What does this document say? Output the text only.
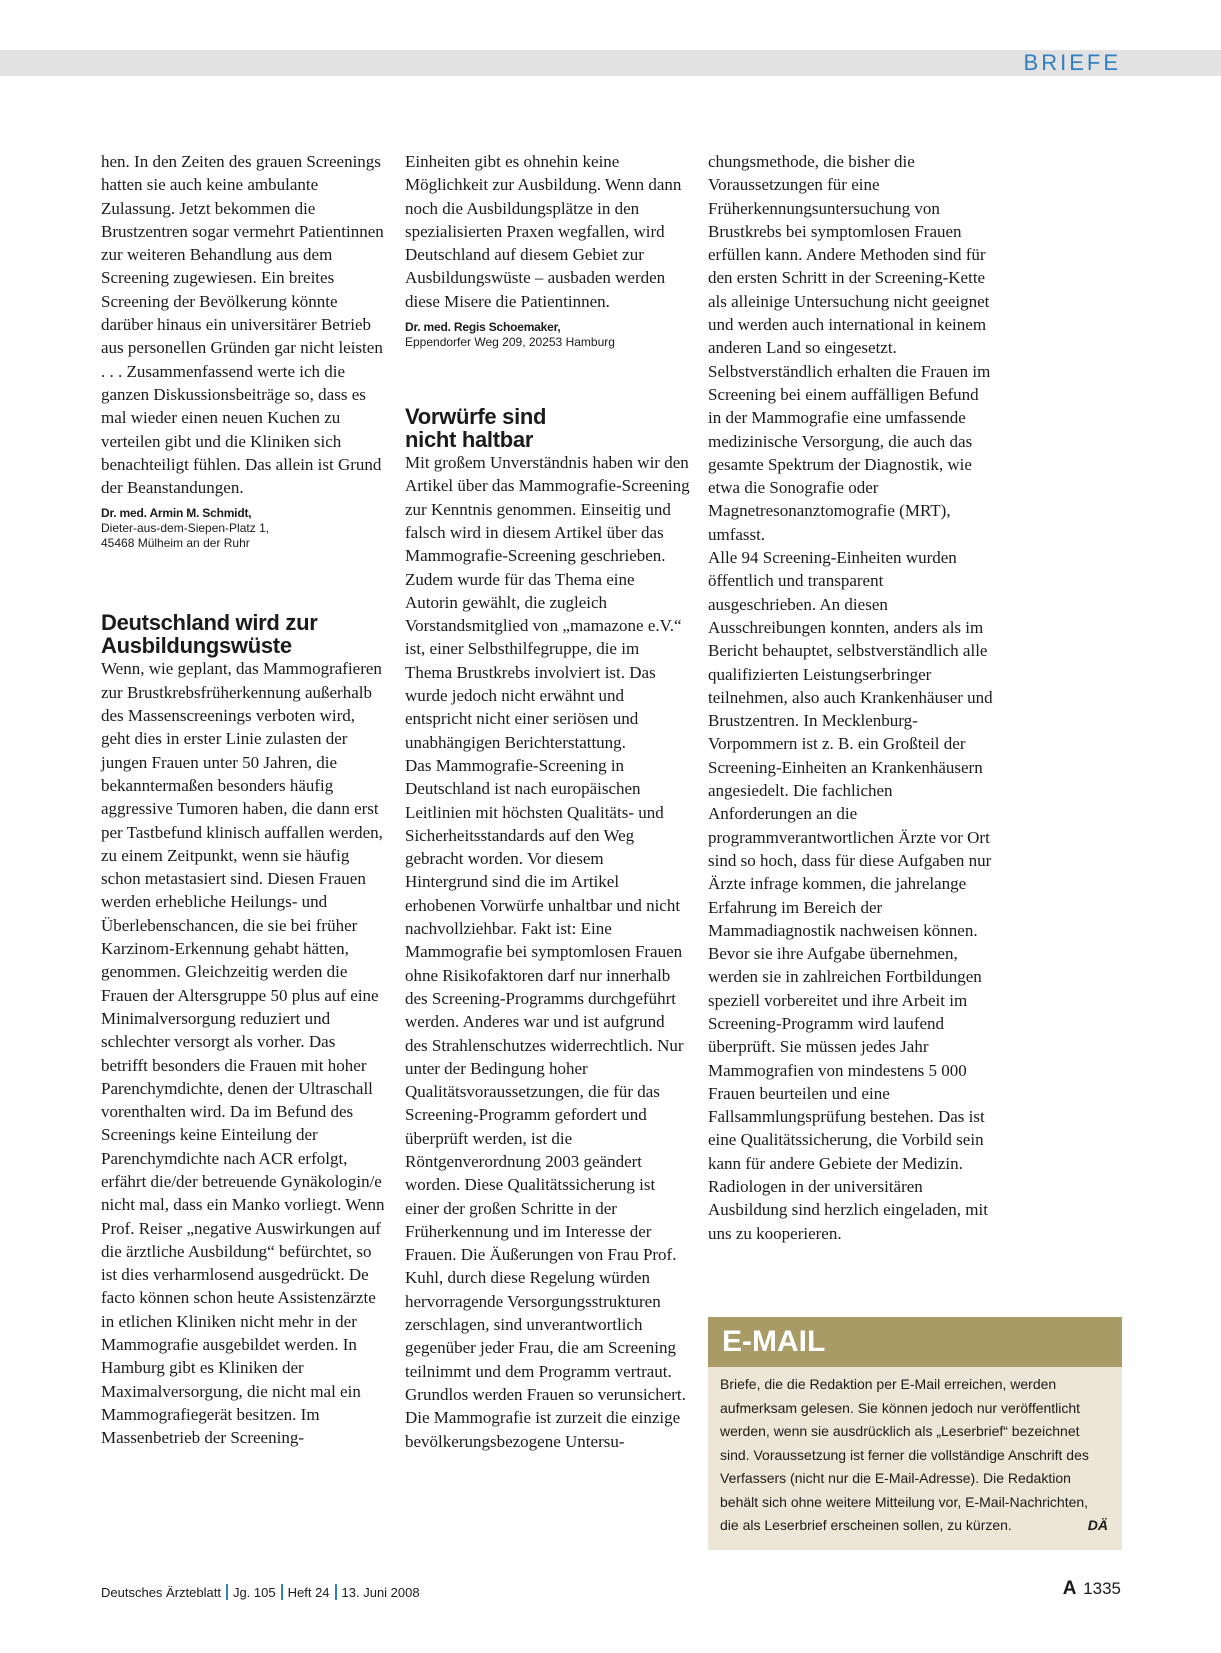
BRIEFE

hen. In den Zeiten des grauen Screenings hatten sie auch keine ambulante Zulassung. Jetzt bekommen die Brustzentren sogar vermehrt Patientinnen zur weiteren Behandlung aus dem Screening zugewiesen. Ein breites Screening der Bevölkerung könnte darüber hinaus ein universitärer Betrieb aus personellen Gründen gar nicht leisten . . . Zusammenfassend werte ich die ganzen Diskussionsbeiträge so, dass es mal wieder einen neuen Kuchen zu verteilen gibt und die Kliniken sich benachteiligt fühlen. Das allein ist Grund der Beanstandungen.

Dr. med. Armin M. Schmidt,
Dieter-aus-dem-Siepen-Platz 1,
45468 Mülheim an der Ruhr
Deutschland wird zur
Ausbildungswüste

Wenn, wie geplant, das Mammografieren zur Brustkrebsfrüherkennung außerhalb des Massenscreenings verboten wird, geht dies in erster Linie zulasten der jungen Frauen unter 50 Jahren, die bekanntermaßen besonders häufig aggressive Tumoren haben, die dann erst per Tastbefund klinisch auffallen werden, zu einem Zeitpunkt, wenn sie häufig schon metastasiert sind. Diesen Frauen werden erhebliche Heilungs- und Überlebenschancen, die sie bei früher Karzinom-Erkennung gehabt hätten, genommen. Gleichzeitig werden die Frauen der Altersgruppe 50 plus auf eine Minimalversorgung reduziert und schlechter versorgt als vorher. Das betrifft besonders die Frauen mit hoher Parenchymdichte, denen der Ultraschall vorenthalten wird. Da im Befund des Screenings keine Einteilung der Parenchymdichte nach ACR erfolgt, erfährt die/der betreuende Gynäkologin/e nicht mal, dass ein Manko vorliegt. Wenn Prof. Reiser „negative Auswirkungen auf die ärztliche Ausbildung“ befürchtet, so ist dies verharmlosend ausgedrückt. De facto können schon heute Assistenzärzte in etlichen Kliniken nicht mehr in der Mammografie ausgebildet werden. In Hamburg gibt es Kliniken der Maximalversorgung, die nicht mal ein Mammografiegerät besitzen. Im Massenbetrieb der Screening-

Einheiten gibt es ohnehin keine Möglichkeit zur Ausbildung. Wenn dann noch die Ausbildungsplätze in den spezialisierten Praxen wegfallen, wird Deutschland auf diesem Gebiet zur Ausbildungswüste – ausbaden werden diese Misere die Patientinnen.

Dr. med. Regis Schoemaker,
Eppendorfer Weg 209, 20253 Hamburg
Vorwürfe sind
nicht haltbar

Mit großem Unverständnis haben wir den Artikel über das Mammografie-Screening zur Kenntnis genommen. Einseitig und falsch wird in diesem Artikel über das Mammografie-Screening geschrieben. Zudem wurde für das Thema eine Autorin gewählt, die zugleich Vorstandsmitglied von „mamazone e.V.“ ist, einer Selbsthilfegruppe, die im Thema Brustkrebs involviert ist. Das wurde jedoch nicht erwähnt und entspricht nicht einer seriösen und unabhängigen Berichterstattung.

Das Mammografie-Screening in Deutschland ist nach europäischen Leitlinien mit höchsten Qualitäts- und Sicherheitsstandards auf den Weg gebracht worden. Vor diesem Hintergrund sind die im Artikel erhobenen Vorwürfe unhaltbar und nicht nachvollziehbar. Fakt ist: Eine Mammografie bei symptomlosen Frauen ohne Risikofaktoren darf nur innerhalb des Screening-Programms durchgeführt werden. Anderes war und ist aufgrund des Strahlenschutzes widerrechtlich. Nur unter der Bedingung hoher Qualitätsvoraussetzungen, die für das Screening-Programm gefordert und überprüft werden, ist die Röntgenverordnung 2003 geändert worden. Diese Qualitätssicherung ist einer der großen Schritte in der Früherkennung und im Interesse der Frauen. Die Äußerungen von Frau Prof. Kuhl, durch diese Regelung würden hervorragende Versorgungsstrukturen zerschlagen, sind unverantwortlich gegenüber jeder Frau, die am Screening teilnimmt und dem Programm vertraut. Grundlos werden Frauen so verunsichert.

Die Mammografie ist zurzeit die einzige bevölkerungsbezogene Untersu-

chungsmethode, die bisher die Voraussetzungen für eine Früherkennungsuntersuchung von Brustkrebs bei symptomlosen Frauen erfüllen kann. Andere Methoden sind für den ersten Schritt in der Screening-Kette als alleinige Untersuchung nicht geeignet und werden auch international in keinem anderen Land so eingesetzt. Selbstverständlich erhalten die Frauen im Screening bei einem auffälligen Befund in der Mammografie eine umfassende medizinische Versorgung, die auch das gesamte Spektrum der Diagnostik, wie etwa die Sonografie oder Magnetresonanztomografie (MRT), umfasst.

Alle 94 Screening-Einheiten wurden öffentlich und transparent ausgeschrieben. An diesen Ausschreibungen konnten, anders als im Bericht behauptet, selbstverständlich alle qualifizierten Leistungserbringer teilnehmen, also auch Krankenhäuser und Brustzentren. In Mecklenburg-Vorpommern ist z. B. ein Großteil der Screening-Einheiten an Krankenhäusern angesiedelt. Die fachlichen Anforderungen an die programmverantwortlichen Ärzte vor Ort sind so hoch, dass für diese Aufgaben nur Ärzte infrage kommen, die jahrelange Erfahrung im Bereich der Mammadiagnostik nachweisen können. Bevor sie ihre Aufgabe übernehmen, werden sie in zahlreichen Fortbildungen speziell vorbereitet und ihre Arbeit im Screening-Programm wird laufend überprüft. Sie müssen jedes Jahr Mammografien von mindestens 5 000 Frauen beurteilen und eine Fallsammlungsprüfung bestehen. Das ist eine Qualitätssicherung, die Vorbild sein kann für andere Gebiete der Medizin. Radiologen in der universitären Ausbildung sind herzlich eingeladen, mit uns zu kooperieren.

E-MAIL
Briefe, die die Redaktion per E-Mail erreichen, werden aufmerksam gelesen. Sie können jedoch nur veröffentlicht werden, wenn sie ausdrücklich als „Leserbrief“ bezeichnet sind. Voraussetzung ist ferner die vollständige Anschrift des Verfassers (nicht nur die E-Mail-Adresse). Die Redaktion behält sich ohne weitere Mitteilung vor, E-Mail-Nachrichten, die als Leserbrief erscheinen sollen, zu kürzen.	DÄ
Deutsches Ärzteblatt Jg. 105 Heft 24 13. Juni 2008	A 1335
